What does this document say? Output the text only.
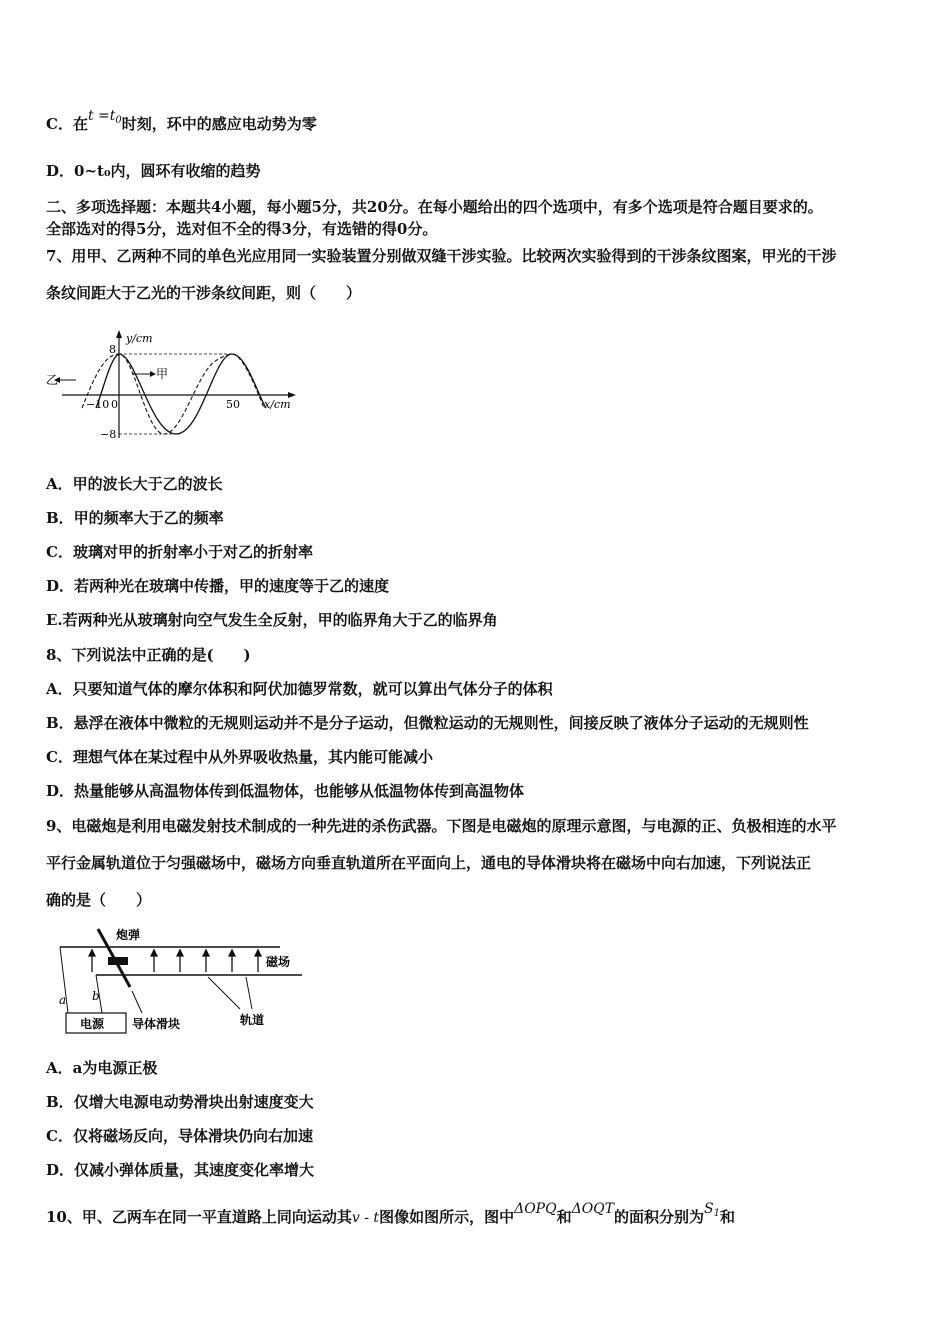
C．在$t =t_0$时刻，环中的感应电动势为零
D．0~t₀内，圆环有收缩的趋势
二、多项选择题：本题共4小题，每小题5分，共20分。在每小题给出的四个选项中，有多个选项是符合题目要求的。
全部选对的得5分，选对但不全的得3分，有选错的得0分。
7、用甲、乙两种不同的单色光应用同一实验装置分别做双缝干涉实验。比较两次实验得到的干涉条纹图案，甲光的干涉
条纹间距大于乙光的干涉条纹间距，则（　　）
y/cm
x/cm
8
−8
−10 0	50
乙	甲
A．甲的波长大于乙的波长
B．甲的频率大于乙的频率
C．玻璃对甲的折射率小于对乙的折射率
D．若两种光在玻璃中传播，甲的速度等于乙的速度
E.若两种光从玻璃射向空气发生全反射，甲的临界角大于乙的临界角
8、下列说法中正确的是(　　)
A．只要知道气体的摩尔体积和阿伏加德罗常数，就可以算出气体分子的体积
B．悬浮在液体中微粒的无规则运动并不是分子运动，但微粒运动的无规则性，间接反映了液体分子运动的无规则性
C．理想气体在某过程中从外界吸收热量，其内能可能减小
D．热量能够从高温物体传到低温物体，也能够从低温物体传到高温物体
9、电磁炮是利用电磁发射技术制成的一种先进的杀伤武器。下图是电磁炮的原理示意图，与电源的正、负极相连的水平
平行金属轨道位于匀强磁场中，磁场方向垂直轨道所在平面向上，通电的导体滑块将在磁场中向右加速，下列说法正
确的是（　　）
炮弹
磁场
a b
电源 导体滑块	轨道
A．a为电源正极
B．仅增大电源电动势滑块出射速度变大
C．仅将磁场反向，导体滑块仍向右加速
D．仅减小弹体质量，其速度变化率增大
10、甲、乙两车在同一平直道路上同向运动其v - t图像如图所示，图中ΔOPQ和ΔOQT的面积分别为$S_1$和
